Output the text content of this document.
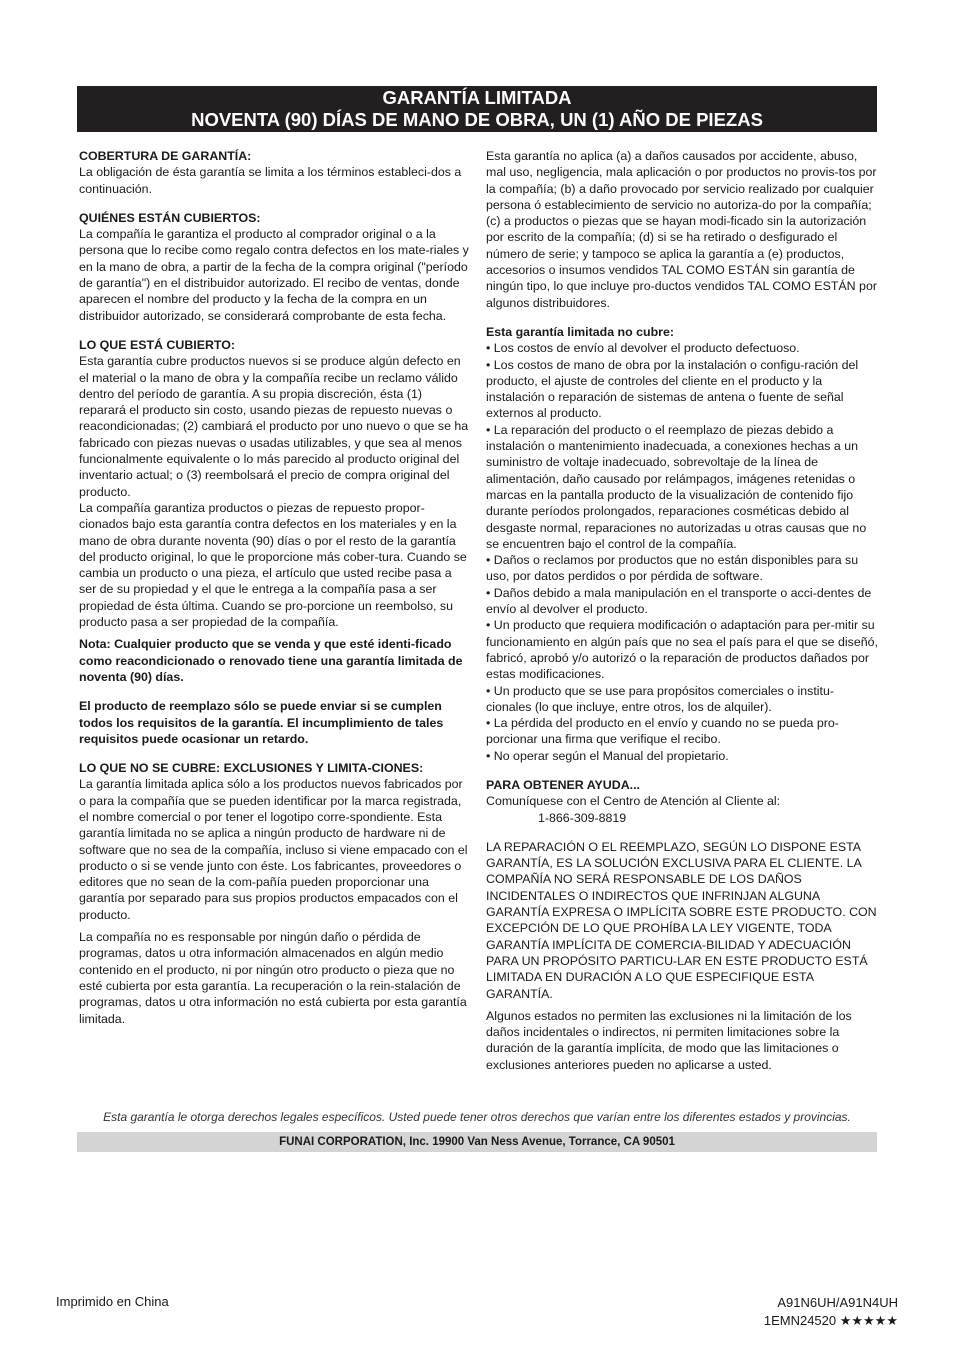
GARANTÍA LIMITADA
NOVENTA (90) DÍAS DE MANO DE OBRA, UN (1) AÑO DE PIEZAS

COBERTURA DE GARANTÍA:

La obligación de ésta garantía se limita a los términos estableci-dos a continuación.

QUIÉNES ESTÁN CUBIERTOS:

La compañía le garantiza el producto al comprador original o a la persona que lo recibe como regalo contra defectos en los mate-riales y en la mano de obra, a partir de la fecha de la compra original ("período de garantía") en el distribuidor autorizado. El recibo de ventas, donde aparecen el nombre del producto y la fecha de la compra en un distribuidor autorizado, se considerará comprobante de esta fecha.

LO QUE ESTÁ CUBIERTO:

Esta garantía cubre productos nuevos si se produce algún defecto en el material o la mano de obra y la compañía recibe un reclamo válido dentro del período de garantía. A su propia discreción, ésta (1) reparará el producto sin costo, usando piezas de repuesto nuevas o reacondicionadas; (2) cambiará el producto por uno nuevo o que se ha fabricado con piezas nuevas o usadas utilizables, y que sea al menos funcionalmente equivalente o lo más parecido al producto original del inventario actual; o (3) reembolsará el precio de compra original del producto.

La compañía garantiza productos o piezas de repuesto propor-cionados bajo esta garantía contra defectos en los materiales y en la mano de obra durante noventa (90) días o por el resto de la garantía del producto original, lo que le proporcione más cober-tura. Cuando se cambia un producto o una pieza, el artículo que usted recibe pasa a ser de su propiedad y el que le entrega a la compañía pasa a ser propiedad de ésta última. Cuando se pro-porcione un reembolso, su producto pasa a ser propiedad de la compañía.

Nota: Cualquier producto que se venda y que esté identi-ficado como reacondicionado o renovado tiene una garantía limitada de noventa (90) días.

El producto de reemplazo sólo se puede enviar si se cumplen todos los requisitos de la garantía. El incumplimiento de tales requisitos puede ocasionar un retardo.

LO QUE NO SE CUBRE: EXCLUSIONES Y LIMITA-CIONES:

La garantía limitada aplica sólo a los productos nuevos fabricados por o para la compañía que se pueden identificar por la marca registrada, el nombre comercial o por tener el logotipo corre-spondiente. Esta garantía limitada no se aplica a ningún producto de hardware ni de software que no sea de la compañía, incluso si viene empacado con el producto o si se vende junto con éste. Los fabricantes, proveedores o editores que no sean de la com-pañía pueden proporcionar una garantía por separado para sus propios productos empacados con el producto.

La compañía no es responsable por ningún daño o pérdida de programas, datos u otra información almacenados en algún medio contenido en el producto, ni por ningún otro producto o pieza que no esté cubierta por esta garantía. La recuperación o la rein-stalación de programas, datos u otra información no está cubierta por esta garantía limitada.

Esta garantía no aplica (a) a daños causados por accidente, abuso, mal uso, negligencia, mala aplicación o por productos no provis-tos por la compañía; (b) a daño provocado por servicio realizado por cualquier persona ó establecimiento de servicio no autoriza-do por la compañía; (c) a productos o piezas que se hayan modi-ficado sin la autorización por escrito de la compañía; (d) si se ha retirado o desfigurado el número de serie; y tampoco se aplica la garantía a (e) productos, accesorios o insumos vendidos TAL COMO ESTÁN sin garantía de ningún tipo, lo que incluye pro-ductos vendidos TAL COMO ESTÁN por algunos distribuidores.

Esta garantía limitada no cubre:

• Los costos de envío al devolver el producto defectuoso.

• Los costos de mano de obra por la instalación o configu-ración del producto, el ajuste de controles del cliente en el producto y la instalación o reparación de sistemas de antena o fuente de señal externos al producto.

• La reparación del producto o el reemplazo de piezas debido a instalación o mantenimiento inadecuada, a conexiones hechas a un suministro de voltaje inadecuado, sobrevoltaje de la línea de alimentación, daño causado por relámpagos, imágenes retenidas o marcas en la pantalla producto de la visualización de contenido fijo durante períodos prolongados, reparaciones cosméticas debido al desgaste normal, reparaciones no autorizadas u otras causas que no se encuentren bajo el control de la compañía.

• Daños o reclamos por productos que no están disponibles para su uso, por datos perdidos o por pérdida de software.

• Daños debido a mala manipulación en el transporte o acci-dentes de envío al devolver el producto.

• Un producto que requiera modificación o adaptación para per-mitir su funcionamiento en algún país que no sea el país para el que se diseñó, fabricó, aprobó y/o autorizó o la reparación de productos dañados por estas modificaciones.

• Un producto que se use para propósitos comerciales o institu-cionales (lo que incluye, entre otros, los de alquiler).

• La pérdida del producto en el envío y cuando no se pueda pro-porcionar una firma que verifique el recibo.

• No operar según el Manual del propietario.

PARA OBTENER AYUDA...

Comuníquese con el Centro de Atención al Cliente al:

1-866-309-8819

LA REPARACIÓN O EL REEMPLAZO, SEGÚN LO DISPONE ESTA GARANTÍA, ES LA SOLUCIÓN EXCLUSIVA PARA EL CLIENTE. LA COMPAÑÍA NO SERÁ RESPONSABLE DE LOS DAÑOS INCIDENTALES O INDIRECTOS QUE INFRINJAN ALGUNA GARANTÍA EXPRESA O IMPLÍCITA SOBRE ESTE PRODUCTO. CON EXCEPCIÓN DE LO QUE PROHÍBA LA LEY VIGENTE, TODA GARANTÍA IMPLÍCITA DE COMERCIA-BILIDAD Y ADECUACIÓN PARA UN PROPÓSITO PARTICU-LAR EN ESTE PRODUCTO ESTÁ LIMITADA EN DURACIÓN A LO QUE ESPECIFIQUE ESTA GARANTÍA.

Algunos estados no permiten las exclusiones ni la limitación de los daños incidentales o indirectos, ni permiten limitaciones sobre la duración de la garantía implícita, de modo que las limitaciones o exclusiones anteriores pueden no aplicarse a usted.

Esta garantía le otorga derechos legales específicos. Usted puede tener otros derechos que varían entre los diferentes estados y provincias.
FUNAI CORPORATION, Inc. 19900 Van Ness Avenue, Torrance, CA 90501
Imprimido en China	A91N6UH/A91N4UH
1EMN24520 ★★★★★
